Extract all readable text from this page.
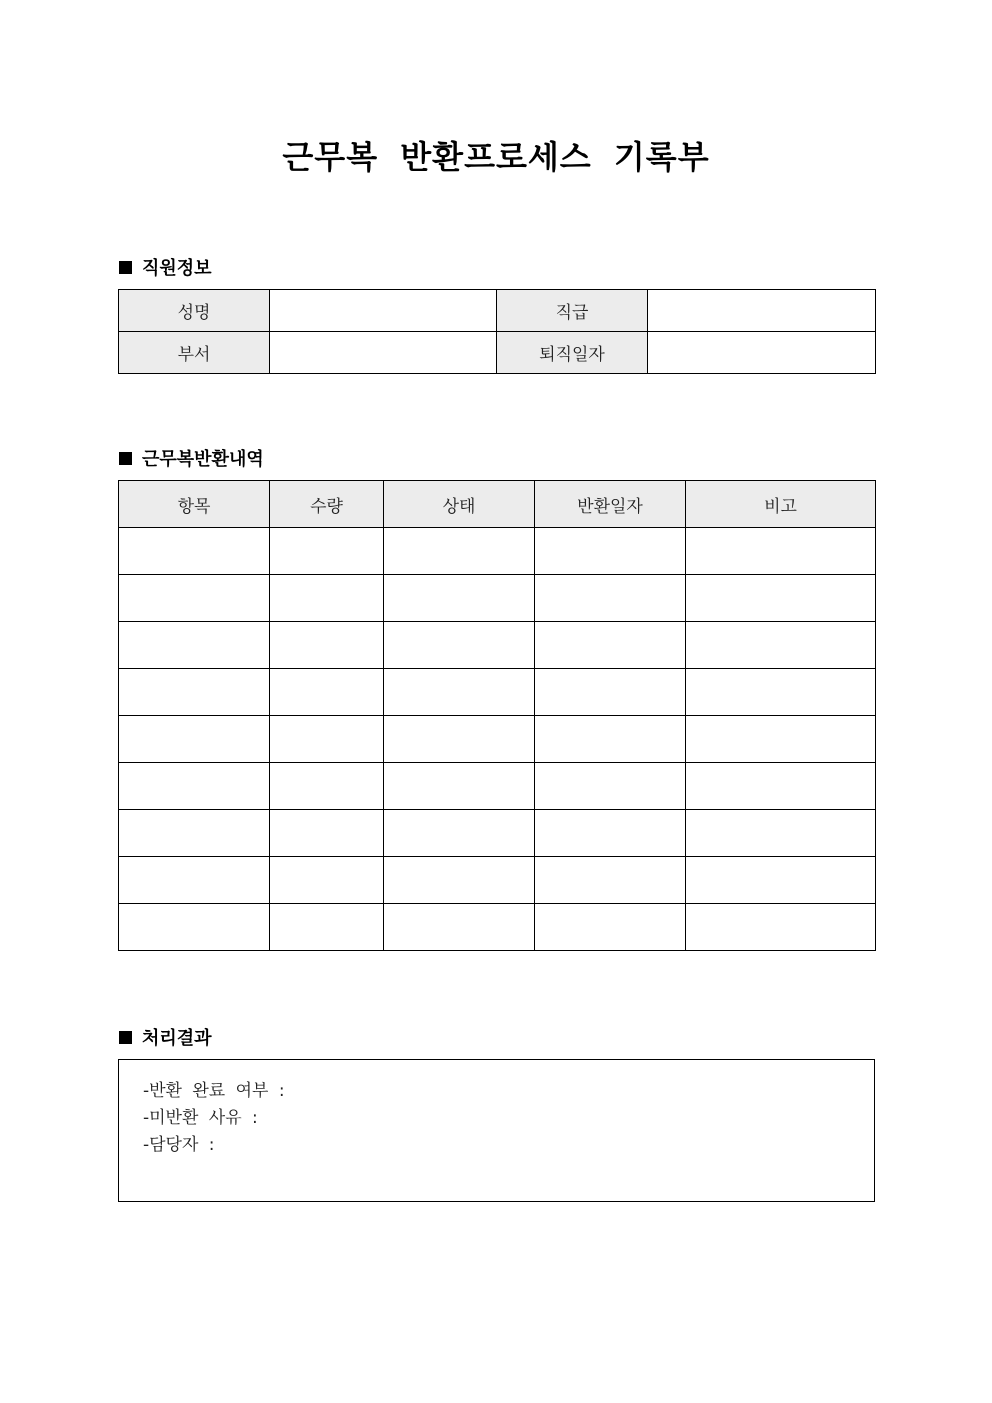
근무복 반환프로세스 기록부
직원정보
성명		직급	
부서		퇴직일자	
근무복반환내역
항목	수량	상태	반환일자	비고

처리결과
-반환 완료 여부 :
-미반환 사유 :
-담당자 :
